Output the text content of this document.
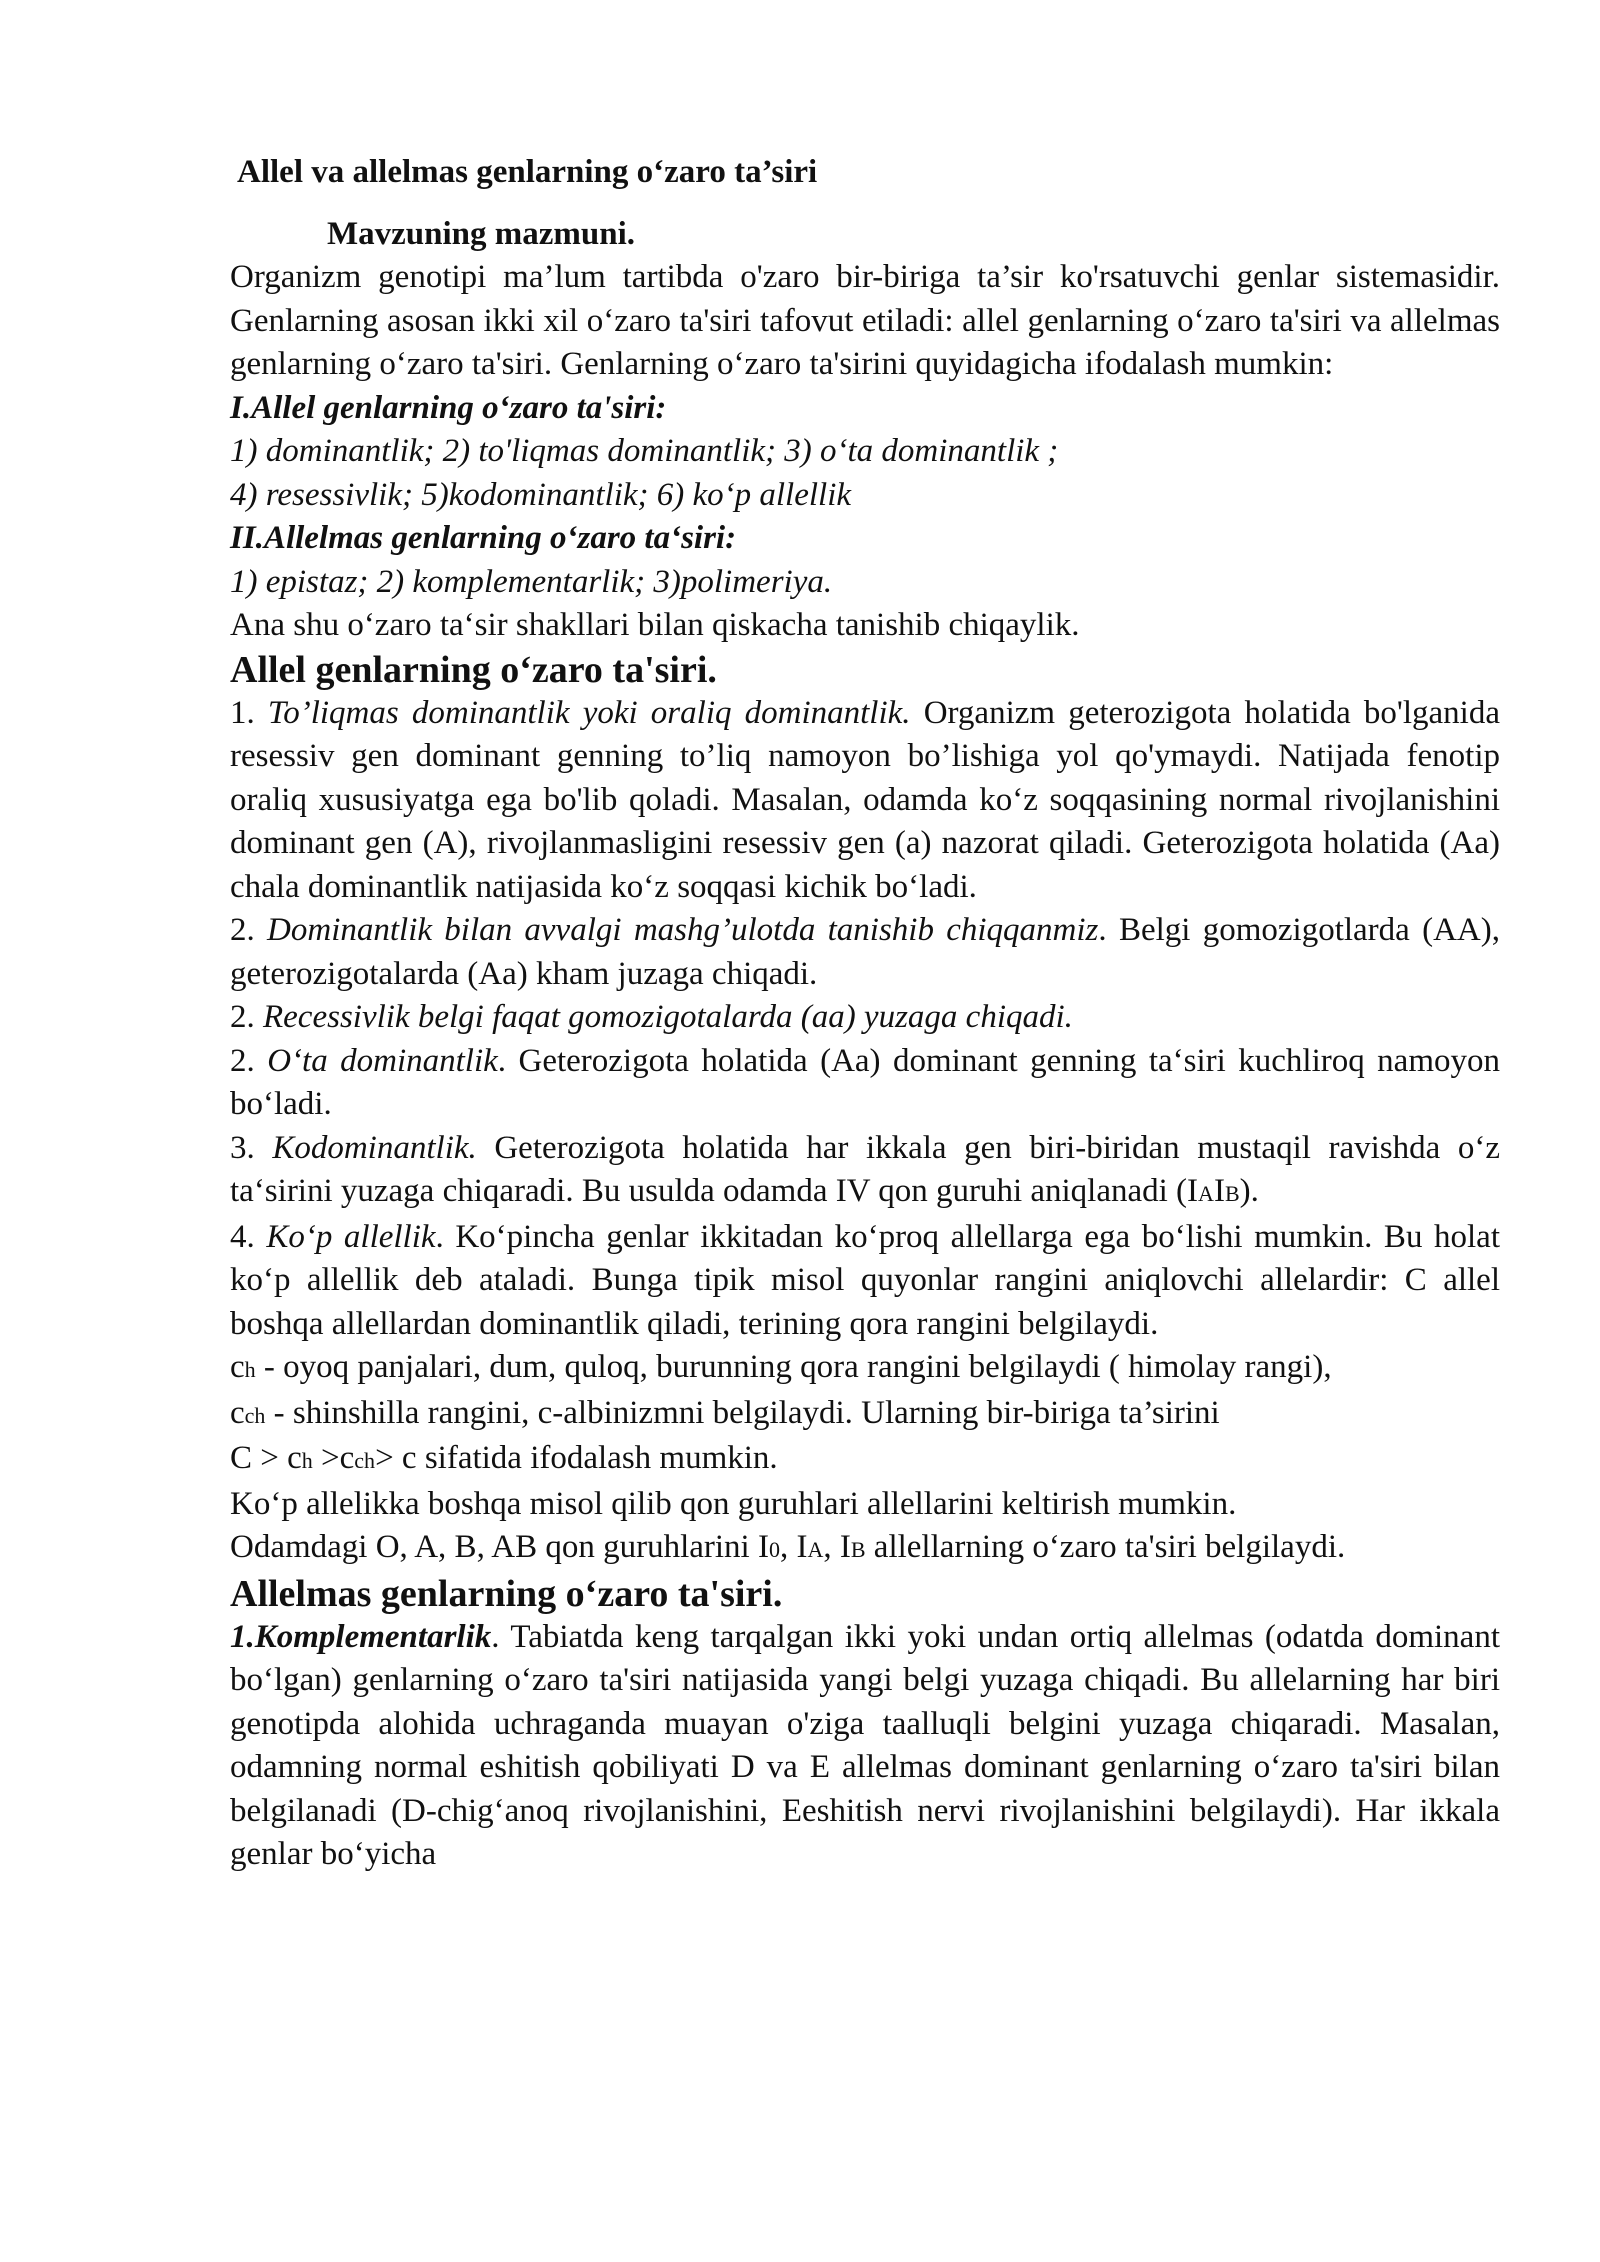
Allel va allelmas genlarning o‘zaro ta’siri
Mavzuning mazmuni.

Organizm genotipi ma’lum tartibda o'zaro bir-biriga ta’sir ko'rsatuvchi genlar sistemasidir. Genlarning asosan ikki xil o‘zaro ta'siri tafovut etiladi: allel genlarning o‘zaro ta'siri va allelmas genlarning o‘zaro ta'siri. Genlarning o‘zaro ta'sirini quyidagicha ifodalash mumkin:

I.Allel genlarning o‘zaro ta'siri:

1) dominantlik; 2) to'liqmas dominantlik; 3) o‘ta dominantlik ;

4) resessivlik; 5)kodominantlik; 6) ko‘p allellik

II.Allelmas genlarning o‘zaro ta‘siri:

1) epistaz; 2) komplementarlik; 3)polimeriya.

Ana shu o‘zaro ta‘sir shakllari bilan qiskacha tanishib chiqaylik.

Allel genlarning o‘zaro ta'siri.

1. To’liqmas dominantlik yoki oraliq dominantlik. Organizm geterozigota holatida bo'lganida resessiv gen dominant genning to’liq namoyon bo’lishiga yol qo'ymaydi. Natijada fenotip oraliq xususiyatga ega bo'lib qoladi. Masalan, odamda ko‘z soqqasining normal rivojlanishini dominant gen (A), rivojlanmasligini resessiv gen (a) nazorat qiladi. Geterozigota holatida (Aa) chala dominantlik natijasida ko‘z soqqasi kichik bo‘ladi.

2. Dominantlik bilan avvalgi mashg’ulotda tanishib chiqqanmiz. Belgi gomozigotlarda (AA), geterozigotalarda (Aa) kham juzaga chiqadi.

2. Recessivlik belgi faqat gomozigotalarda (aa) yuzaga chiqadi.

2. O‘ta dominantlik. Geterozigota holatida (Aa) dominant genning ta‘siri kuchliroq namoyon bo‘ladi.

3. Kodominantlik. Geterozigota holatida har ikkala gen biri-biridan mustaqil ravishda o‘z ta‘sirini yuzaga chiqaradi. Bu usulda odamda IV qon guruhi aniqlanadi (IAIB).

4. Ko‘p allellik. Ko‘pincha genlar ikkitadan ko‘proq allellarga ega bo‘lishi mumkin. Bu holat ko‘p allellik deb ataladi. Bunga tipik misol quyonlar rangini aniqlovchi allelardir: C allel boshqa allellardan dominantlik qiladi, terining qora rangini belgilaydi.

ch - oyoq panjalari, dum, quloq, burunning qora rangini belgilaydi ( himolay rangi),

cch - shinshilla rangini, c-albinizmni belgilaydi. Ularning bir-biriga ta’sirini

C > ch >cch> c sifatida ifodalash mumkin.

Ko‘p allelikka boshqa misol qilib qon guruhlari allellarini keltirish mumkin.

Odamdagi O, A, B, AB qon guruhlarini I0, IA, IB allellarning o‘zaro ta'siri belgilaydi.

Allelmas genlarning o‘zaro ta'siri.

1.Komplementarlik. Tabiatda keng tarqalgan ikki yoki undan ortiq allelmas (odatda dominant bo‘lgan) genlarning o‘zaro ta'siri natijasida yangi belgi yuzaga chiqadi. Bu allelarning har biri genotipda alohida uchraganda muayan o'ziga taalluqli belgini yuzaga chiqaradi. Masalan, odamning normal eshitish qobiliyati D va E allelmas dominant genlarning o‘zaro ta'siri bilan belgilanadi (D-chig‘anoq rivojlanishini, Eeshitish nervi rivojlanishini belgilaydi). Har ikkala genlar bo‘yicha
